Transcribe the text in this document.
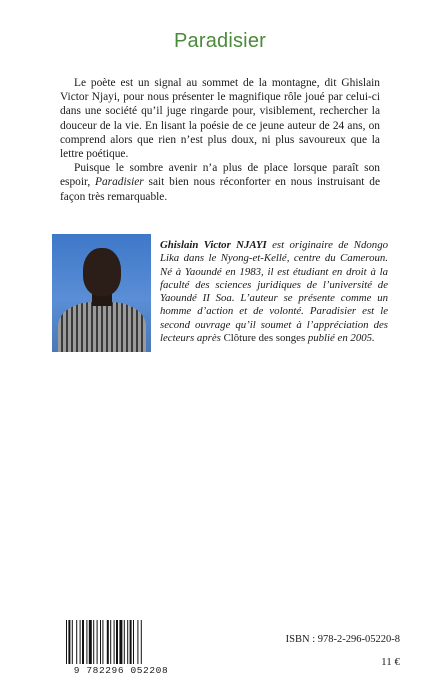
Paradisier

Le poète est un signal au sommet de la montagne, dit Ghislain Victor Njayi, pour nous présenter le magnifique rôle joué par celui-ci dans une société qu’il juge ringarde pour, visiblement, rechercher la douceur de la vie. En lisant la poésie de ce jeune auteur de 24 ans, on comprend alors que rien n’est plus doux, ni plus savoureux que la lettre poétique.

Puisque le sombre avenir n’a plus de place lorsque paraît son espoir, Paradisier sait bien nous réconforter en nous instruisant de façon très remarquable.

Ghislain Victor NJAYI est originaire de Ndongo Lika dans le Nyong-et-Kellé, centre du Cameroun. Né à Yaoundé en 1983, il est étudiant en droit à la faculté des sciences juridiques de l’université de Yaoundé II Soa. L’auteur se présente comme un homme d’action et de volonté. Paradisier est le second ouvrage qu’il soumet à l’appréciation des lecteurs après Clôture des songes publié en 2005.
9 782296 052208
ISBN : 978-2-296-05220-8
11 €
